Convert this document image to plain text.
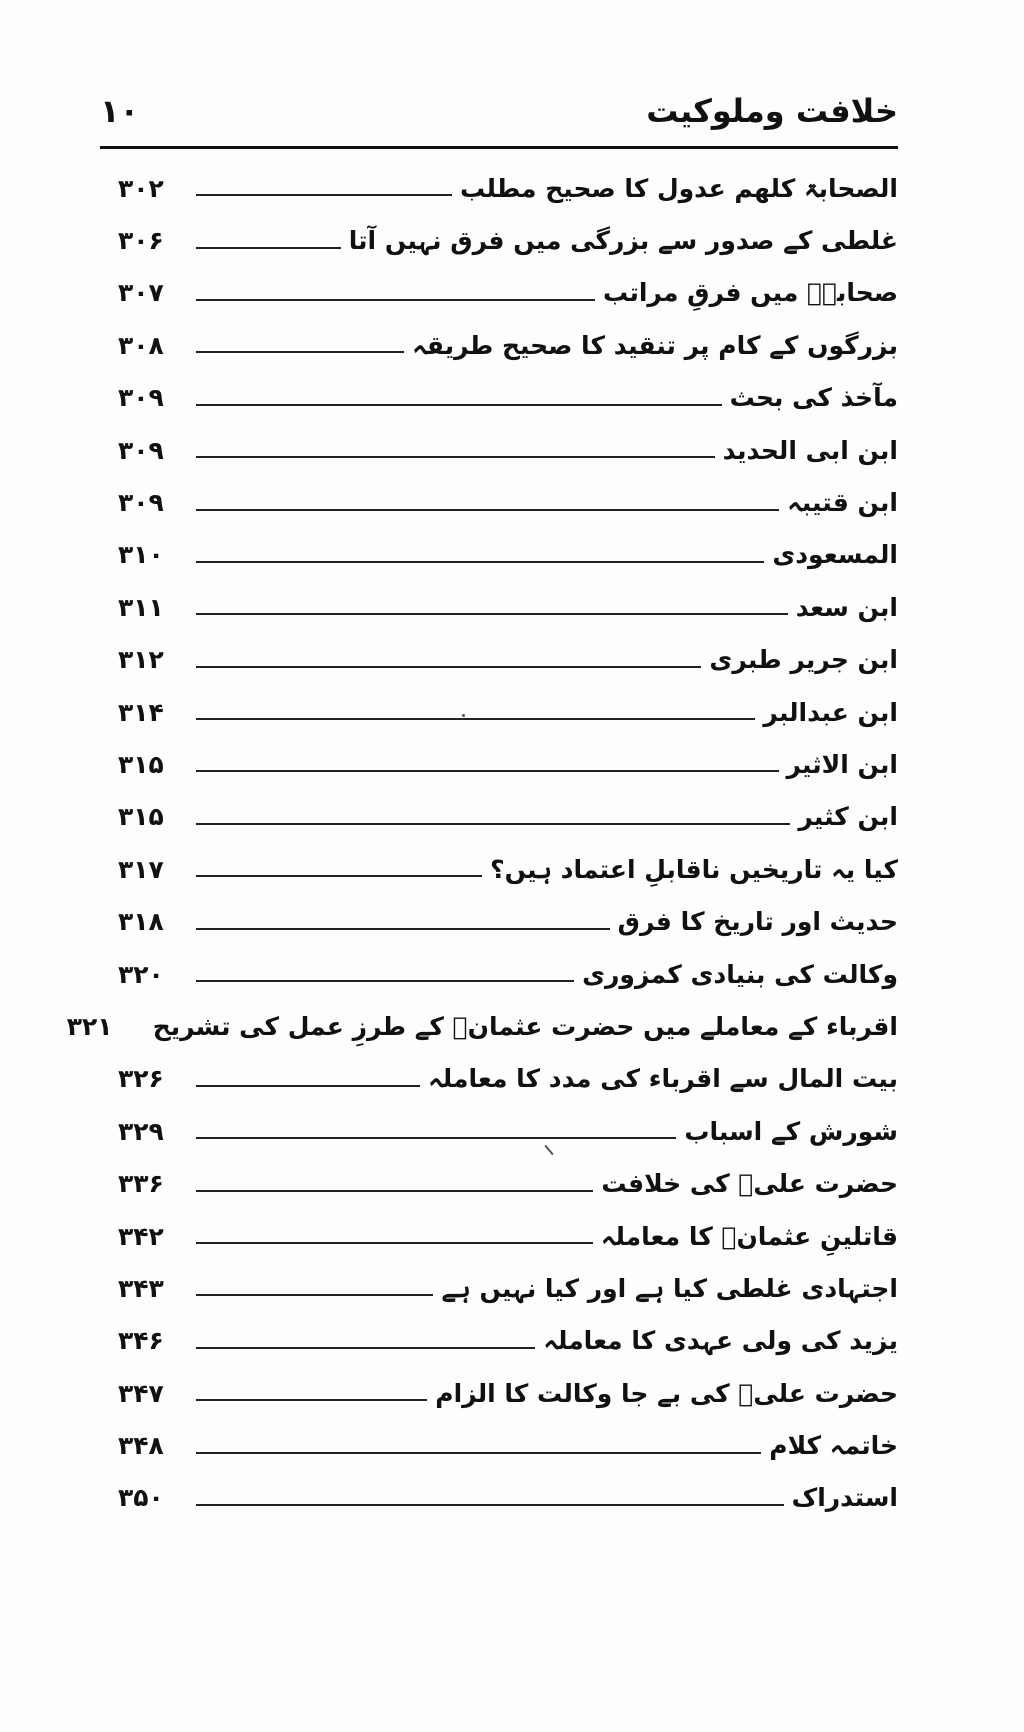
۱۰	خلافت وملوکیت
الصحابۃ کلھم عدول کا صحیح مطلب
۳۰۲
غلطی کے صدور سے بزرگی میں فرق نہیں آتا
۳۰۶
صحابہؓ میں فرقِ مراتب
۳۰۷
بزرگوں کے کام پر تنقید کا صحیح طریقہ
۳۰۸
مآخذ کی بحث
۳۰۹
ابن ابی الحدید
۳۰۹
ابن قتیبہ
۳۰۹
المسعودی
۳۱۰
ابن سعد
۳۱۱
ابن جریر طبری
۳۱۲
ابن عبدالبر
۳۱۴
ابن الاثیر
۳۱۵
ابن کثیر
۳۱۵
کیا یہ تاریخیں ناقابلِ اعتماد ہیں؟
۳۱۷
حدیث اور تاریخ کا فرق
۳۱۸
وکالت کی بنیادی کمزوری
۳۲۰
اقرباء کے معاملے میں حضرت عثمانؓ کے طرزِ عمل کی تشریح
۳۲۱
بیت المال سے اقرباء کی مدد کا معاملہ
۳۲۶
شورش کے اسباب
۳۲۹
حضرت علیؓ کی خلافت
۳۳۶
قاتلینِ عثمانؓ کا معاملہ
۳۴۲
اجتہادی غلطی کیا ہے اور کیا نہیں ہے
۳۴۳
یزید کی ولی عہدی کا معاملہ
۳۴۶
حضرت علیؓ کی بے جا وکالت کا الزام
۳۴۷
خاتمہ کلام
۳۴۸
استدراک
۳۵۰
